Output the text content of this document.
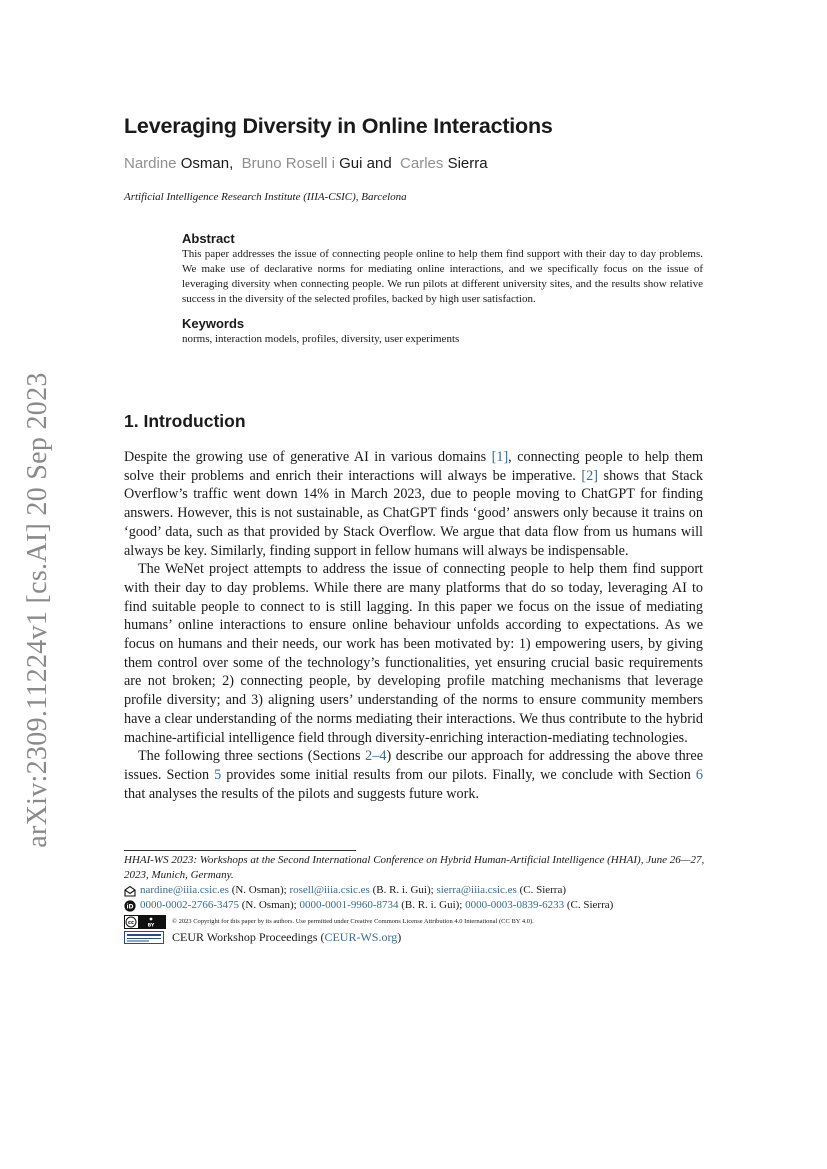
arXiv:2309.11224v1 [cs.AI] 20 Sep 2023
Leveraging Diversity in Online Interactions
Nardine Osman, Bruno Rosell i Gui and Carles Sierra
Artificial Intelligence Research Institute (IIIA-CSIC), Barcelona
Abstract
This paper addresses the issue of connecting people online to help them find support with their day to day problems. We make use of declarative norms for mediating online interactions, and we specifically focus on the issue of leveraging diversity when connecting people. We run pilots at different university sites, and the results show relative success in the diversity of the selected profiles, backed by high user satisfaction.
Keywords
norms, interaction models, profiles, diversity, user experiments
1. Introduction

Despite the growing use of generative AI in various domains [1], connecting people to help them solve their problems and enrich their interactions will always be imperative. [2] shows that Stack Overflow’s traffic went down 14% in March 2023, due to people moving to ChatGPT for finding answers. However, this is not sustainable, as ChatGPT finds ‘good’ answers only because it trains on ‘good’ data, such as that provided by Stack Overflow. We argue that data flow from us humans will always be key. Similarly, finding support in fellow humans will always be indispensable.

The WeNet project attempts to address the issue of connecting people to help them find support with their day to day problems. While there are many platforms that do so today, leveraging AI to find suitable people to connect to is still lagging. In this paper we focus on the issue of mediating humans’ online interactions to ensure online behaviour unfolds according to expectations. As we focus on humans and their needs, our work has been motivated by: 1) empowering users, by giving them control over some of the technology’s functionalities, yet ensuring crucial basic requirements are not broken; 2) connecting people, by developing profile matching mechanisms that leverage profile diversity; and 3) aligning users’ understanding of the norms to ensure community members have a clear understanding of the norms mediating their interactions. We thus contribute to the hybrid machine-artificial intelligence field through diversity-enriching interaction-mediating technologies.

The following three sections (Sections 2–4) describe our approach for addressing the above three issues. Section 5 provides some initial results from our pilots. Finally, we conclude with Section 6 that analyses the results of the pilots and suggests future work.

HHAI-WS 2023: Workshops at the Second International Conference on Hybrid Human-Artificial Intelligence (HHAI), June 26—27, 2023, Munich, Germany.
nardine@iiia.csic.es (N. Osman); rosell@iiia.csic.es (B. R. i. Gui); sierra@iiia.csic.es (C. Sierra)
iD 0000-0002-2766-3475 (N. Osman); 0000-0001-9960-8734 (B. R. i. Gui); 0000-0003-0839-6233 (C. Sierra)
cc	BY
© 2023 Copyright for this paper by its authors. Use permitted under Creative Commons License Attribution 4.0 International (CC BY 4.0).
CEUR Workshop Proceedings ( CEUR-WS.org )
